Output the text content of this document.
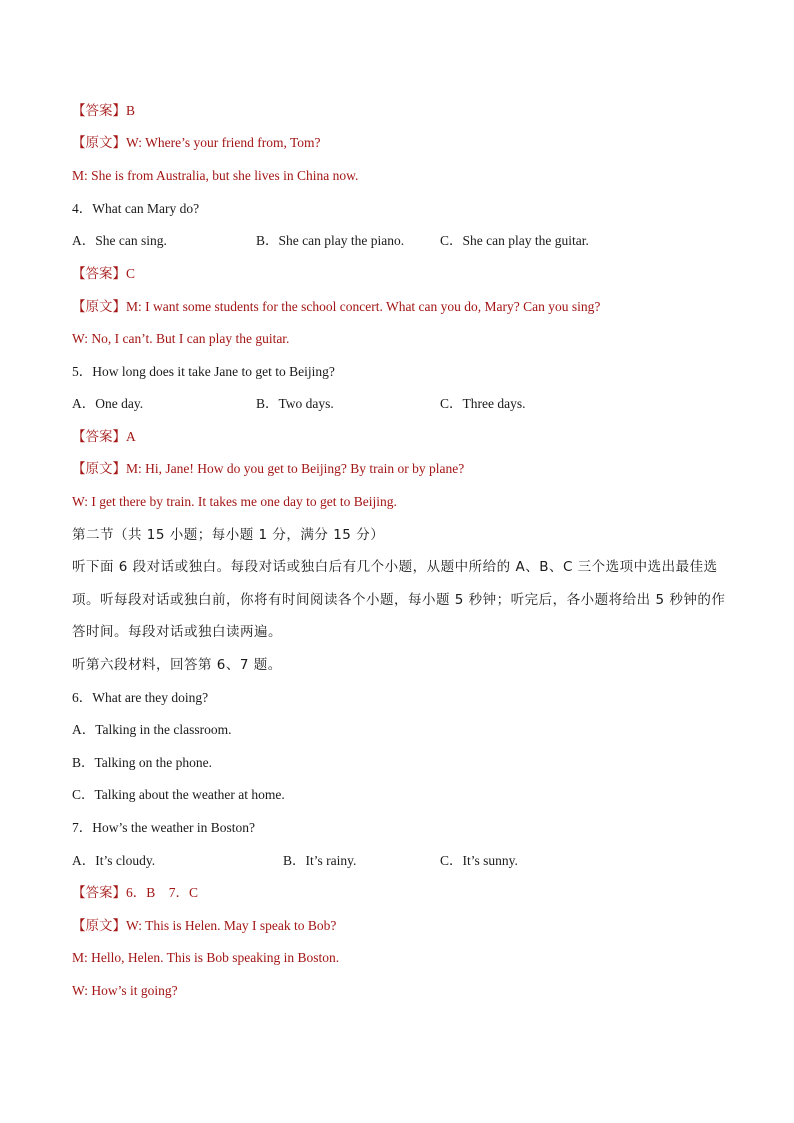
【答案】B
【原文】W: Where’s your friend from, Tom?
M: She is from Australia, but she lives in China now.
4．What can Mary do?
A．She can sing.	B．She can play the piano.	C．She can play the guitar.
【答案】C
【原文】M: I want some students for the school concert. What can you do, Mary? Can you sing?
W: No, I can’t. But I can play the guitar.
5．How long does it take Jane to get to Beijing?
A．One day.	B．Two days.	C．Three days.
【答案】A
【原文】M: Hi, Jane! How do you get to Beijing? By train or by plane?
W: I get there by train. It takes me one day to get to Beijing.
第二节（共 15 小题；每小题 1 分，满分 15 分）
听下面 6 段对话或独白。每段对话或独白后有几个小题，从题中所给的 A、B、C 三个选项中选出最佳选
项。听每段对话或独白前，你将有时间阅读各个小题，每小题 5 秒钟；听完后，各小题将给出 5 秒钟的作
答时间。每段对话或独白读两遍。
听第六段材料，回答第 6、7 题。
6．What are they doing?
A．Talking in the classroom.
B．Talking on the phone.
C．Talking about the weather at home.
7．How’s the weather in Boston?
A．It’s cloudy.	B．It’s rainy.	C．It’s sunny.
【答案】6．B　7．C
【原文】W: This is Helen. May I speak to Bob?
M: Hello, Helen. This is Bob speaking in Boston.
W: How’s it going?
